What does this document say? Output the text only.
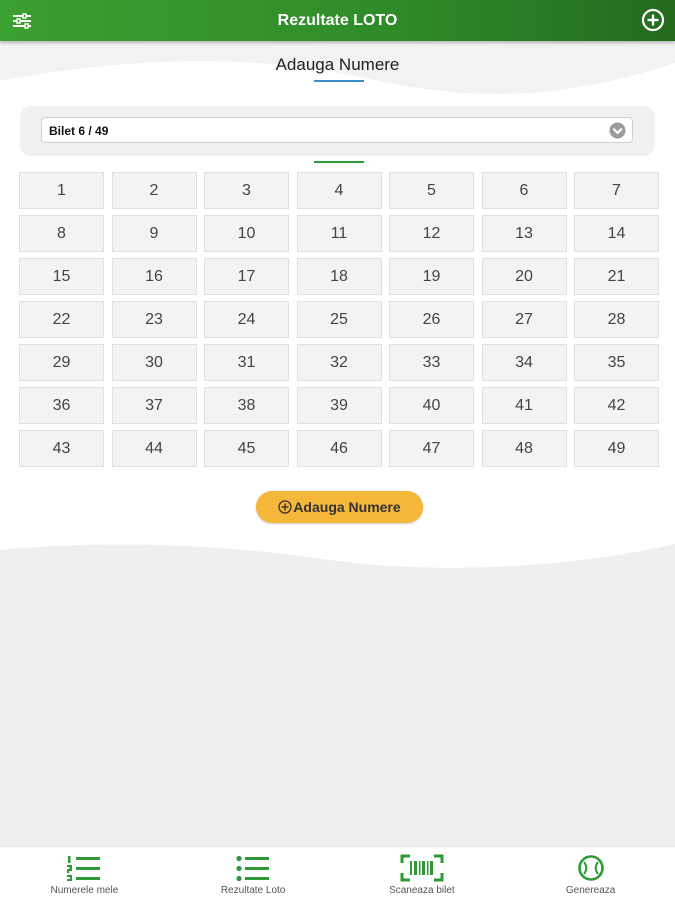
Rezultate LOTO
Adauga Numere
Bilet 6 / 49
1	2	3	4	5	6	7
8	9	10	11	12	13	14
15	16	17	18	19	20	21
22	23	24	25	26	27	28
29	30	31	32	33	34	35
36	37	38	39	40	41	42
43	44	45	46	47	48	49
Adauga Numere
Numerele mele	Rezultate Loto	Scaneaza bilet	Genereaza
